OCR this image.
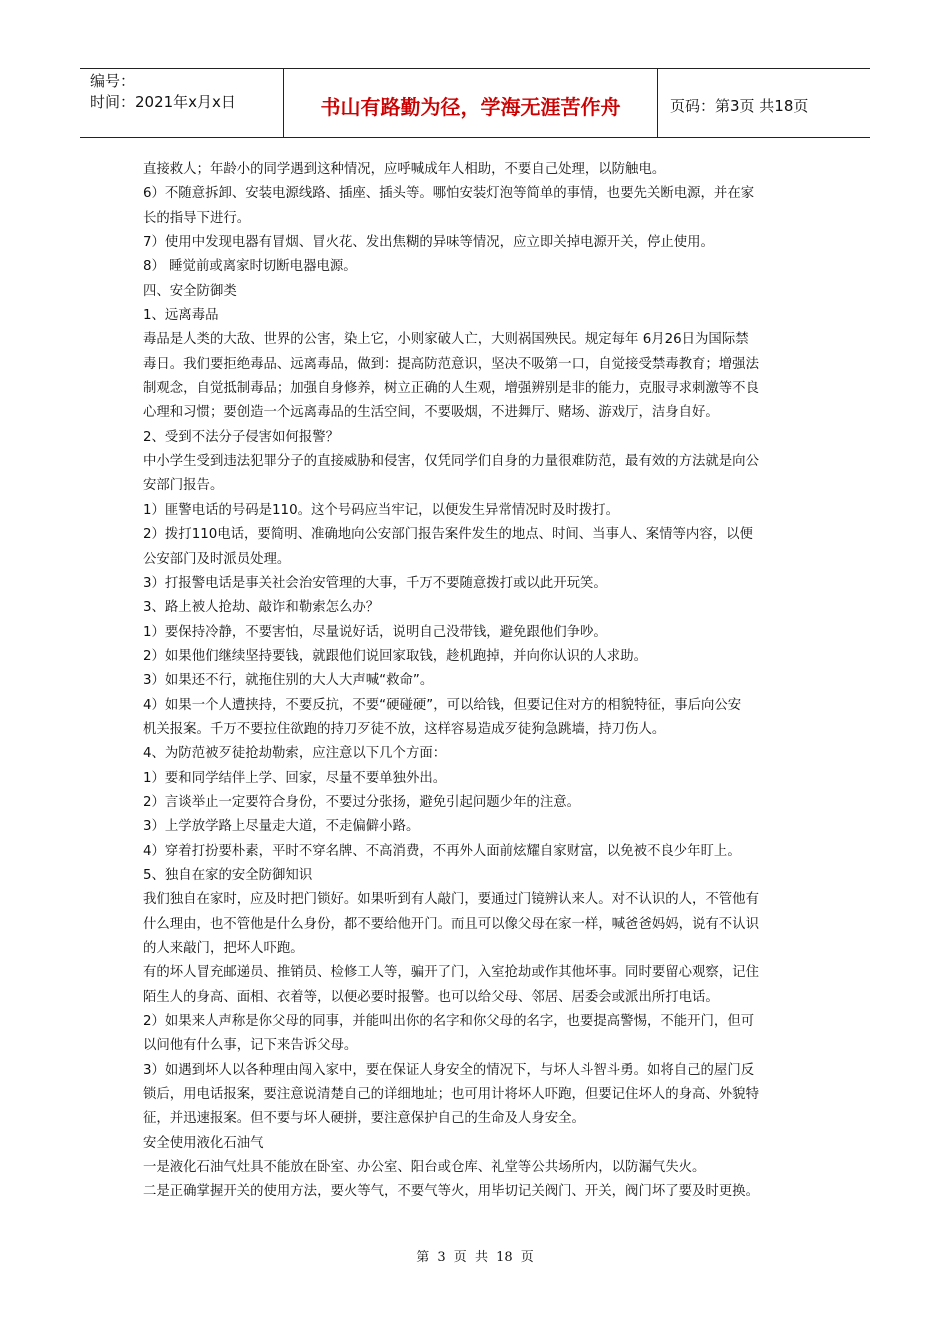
编号：
时间：2021年x月x日	书山有路勤为径，学海无涯苦作舟	页码：第3页 共18页

直接救人；年龄小的同学遇到这种情况，应呼喊成年人相助，不要自己处理，以防触电。

6）不随意拆卸、安装电源线路、插座、插头等。哪怕安装灯泡等简单的事情，也要先关断电源，并在家

长的指导下进行。

7）使用中发现电器有冒烟、冒火花、发出焦糊的异味等情况，应立即关掉电源开关，停止使用。

8） 睡觉前或离家时切断电器电源。

四、安全防御类

1、远离毒品

毒品是人类的大敌、世界的公害，染上它，小则家破人亡，大则祸国殃民。规定每年 6月26日为国际禁

毒日。我们要拒绝毒品、远离毒品，做到：提高防范意识，坚决不吸第一口，自觉接受禁毒教育；增强法

制观念，自觉抵制毒品；加强自身修养，树立正确的人生观，增强辨别是非的能力，克服寻求刺激等不良

心理和习惯；要创造一个远离毒品的生活空间，不要吸烟，不进舞厅、赌场、游戏厅，洁身自好。

2、受到不法分子侵害如何报警？

中小学生受到违法犯罪分子的直接威胁和侵害，仅凭同学们自身的力量很难防范，最有效的方法就是向公

安部门报告。

1）匪警电话的号码是110。这个号码应当牢记，以便发生异常情况时及时拨打。

2）拨打110电话，要简明、准确地向公安部门报告案件发生的地点、时间、当事人、案情等内容，以便

公安部门及时派员处理。

3）打报警电话是事关社会治安管理的大事，千万不要随意拨打或以此开玩笑。

3、路上被人抢劫、敲诈和勒索怎么办？

1）要保持冷静，不要害怕，尽量说好话，说明自己没带钱，避免跟他们争吵。

2）如果他们继续坚持要钱，就跟他们说回家取钱，趁机跑掉，并向你认识的人求助。

3）如果还不行，就拖住别的大人大声喊“救命”。

4）如果一个人遭挟持，不要反抗，不要“硬碰硬”，可以给钱，但要记住对方的相貌特征，事后向公安

机关报案。千万不要拉住欲跑的持刀歹徒不放，这样容易造成歹徒狗急跳墙，持刀伤人。

4、为防范被歹徒抢劫勒索，应注意以下几个方面：

1）要和同学结伴上学、回家，尽量不要单独外出。

2）言谈举止一定要符合身份，不要过分张扬，避免引起问题少年的注意。

3）上学放学路上尽量走大道，不走偏僻小路。

4）穿着打扮要朴素，平时不穿名牌、不高消费，不再外人面前炫耀自家财富，以免被不良少年盯上。

5、独自在家的安全防御知识

我们独自在家时，应及时把门锁好。如果听到有人敲门，要通过门镜辨认来人。对不认识的人，不管他有

什么理由，也不管他是什么身份，都不要给他开门。而且可以像父母在家一样，喊爸爸妈妈，说有不认识

的人来敲门，把坏人吓跑。

有的坏人冒充邮递员、推销员、检修工人等，骗开了门，入室抢劫或作其他坏事。同时要留心观察，记住

陌生人的身高、面相、衣着等，以便必要时报警。也可以给父母、邻居、居委会或派出所打电话。

2）如果来人声称是你父母的同事，并能叫出你的名字和你父母的名字，也要提高警惕，不能开门，但可

以问他有什么事，记下来告诉父母。

3）如遇到坏人以各种理由闯入家中，要在保证人身安全的情况下，与坏人斗智斗勇。如将自己的屋门反

锁后，用电话报案，要注意说清楚自己的详细地址；也可用计将坏人吓跑，但要记住坏人的身高、外貌特

征，并迅速报案。但不要与坏人硬拼，要注意保护自己的生命及人身安全。

安全使用液化石油气

一是液化石油气灶具不能放在卧室、办公室、阳台或仓库、礼堂等公共场所内，以防漏气失火。

二是正确掌握开关的使用方法，要火等气，不要气等火，用毕切记关阀门、开关，阀门坏了要及时更换。

第 3 页 共 18 页
